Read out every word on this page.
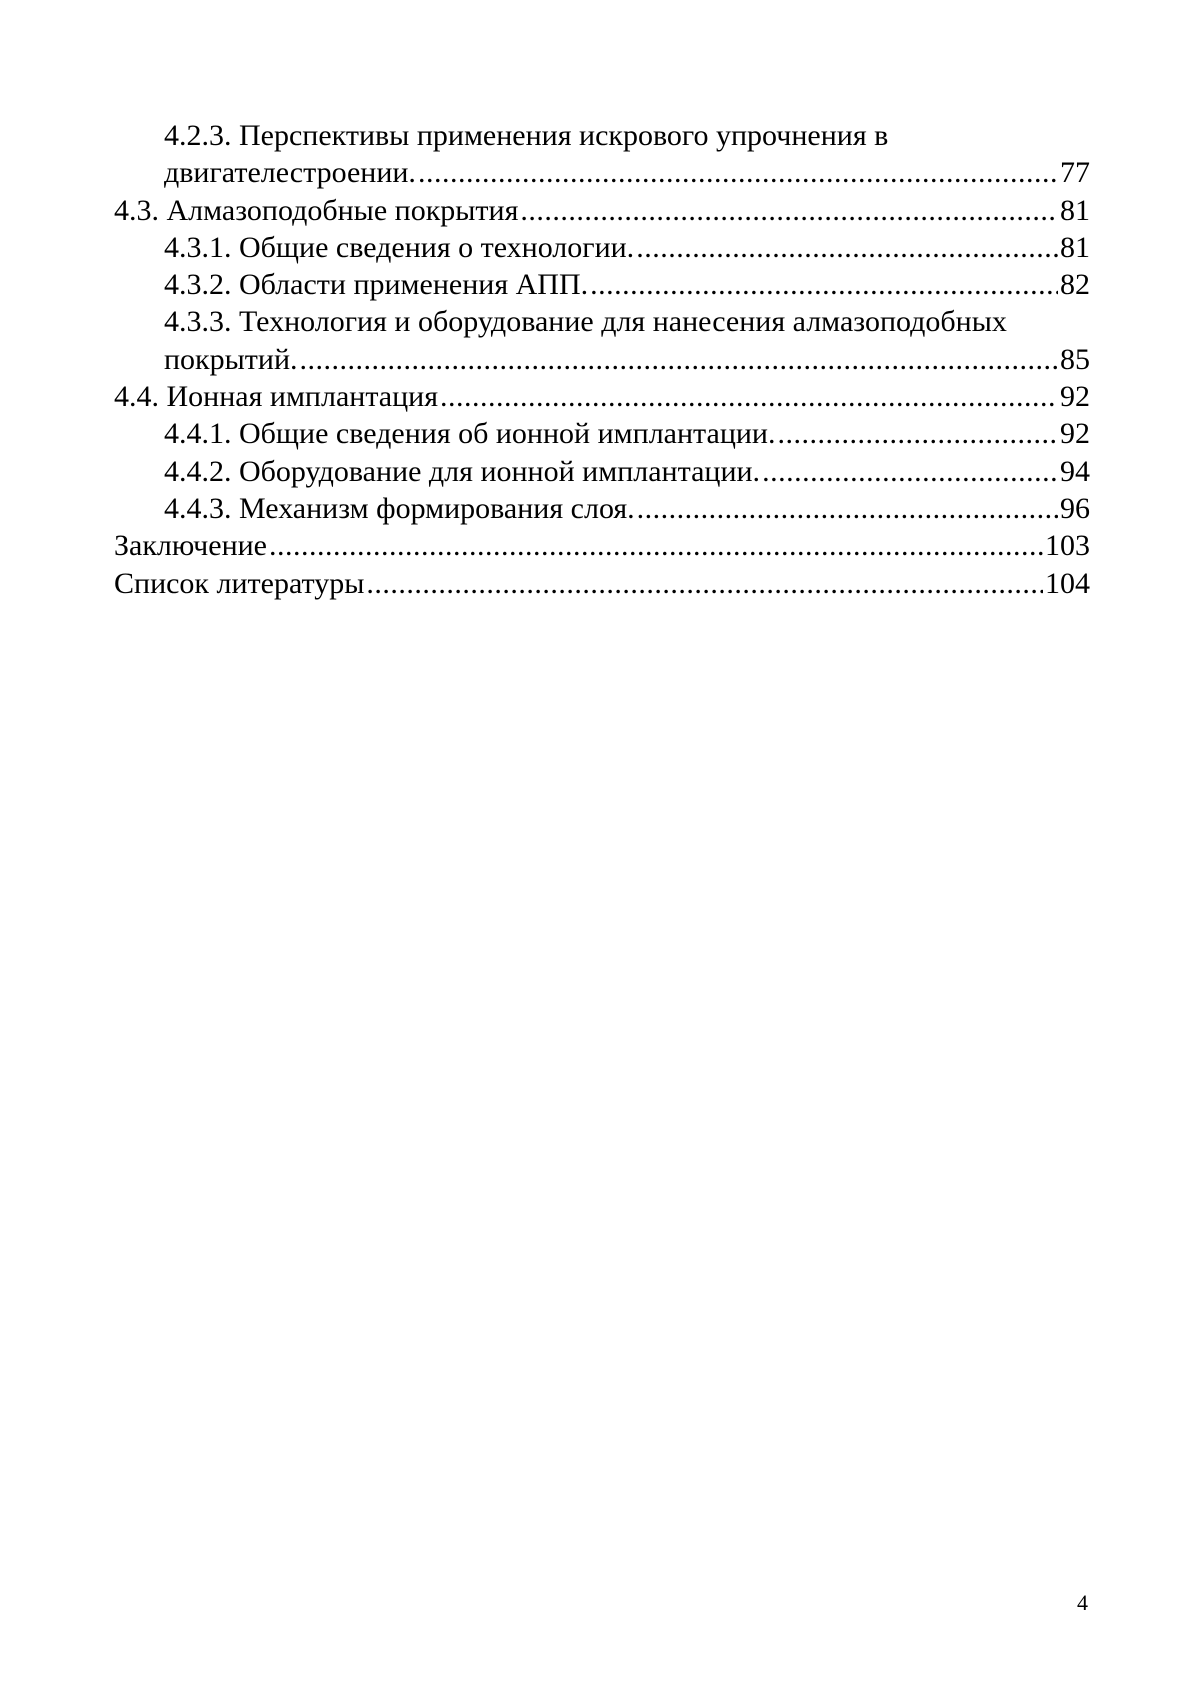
4.2.3. Перспективы применения искрового упрочнения в
двигателестроении. .....	77
4.3. Алмазоподобные покрытия .....	81
4.3.1. Общие сведения о технологии. .....	81
4.3.2. Области применения АПП. .....	82
4.3.3. Технология и оборудование для нанесения алмазоподобных
покрытий. .....	85
4.4. Ионная имплантация .....	92
4.4.1. Общие сведения об ионной имплантации. .....	92
4.4.2. Оборудование для ионной имплантации. .....	94
4.4.3. Механизм формирования слоя. .....	96
Заключение .....	103
Список литературы .....	104
4
